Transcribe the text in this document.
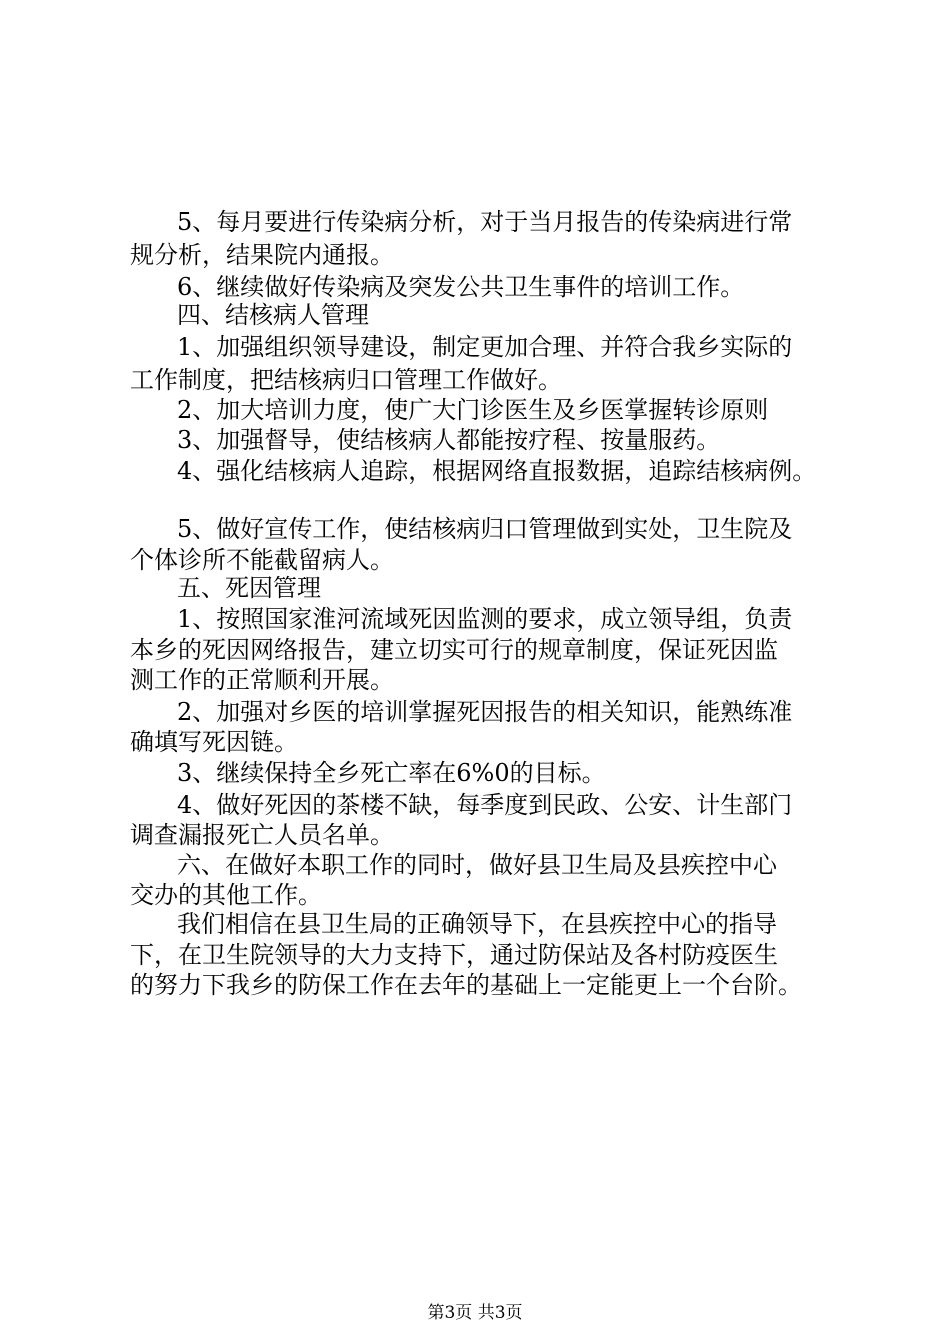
5、每月要进行传染病分析，对于当月报告的传染病进行常

规分析，结果院内通报。

6、继续做好传染病及突发公共卫生事件的培训工作。

四、结核病人管理

1、加强组织领导建设，制定更加合理、并符合我乡实际的

工作制度，把结核病归口管理工作做好。

2、加大培训力度，使广大门诊医生及乡医掌握转诊原则

3、加强督导，使结核病人都能按疗程、按量服药。

4、强化结核病人追踪，根据网络直报数据，追踪结核病例。

5、做好宣传工作，使结核病归口管理做到实处，卫生院及

个体诊所不能截留病人。

五、死因管理

1、按照国家淮河流域死因监测的要求，成立领导组，负责

本乡的死因网络报告，建立切实可行的规章制度，保证死因监

测工作的正常顺利开展。

2、加强对乡医的培训掌握死因报告的相关知识，能熟练准

确填写死因链。

3、继续保持全乡死亡率在6%0的目标。

4、做好死因的茶楼不缺，每季度到民政、公安、计生部门

调查漏报死亡人员名单。

六、在做好本职工作的同时，做好县卫生局及县疾控中心

交办的其他工作。

我们相信在县卫生局的正确领导下，在县疾控中心的指导

下，在卫生院领导的大力支持下，通过防保站及各村防疫医生

的努力下我乡的防保工作在去年的基础上一定能更上一个台阶。

第3页 共3页
